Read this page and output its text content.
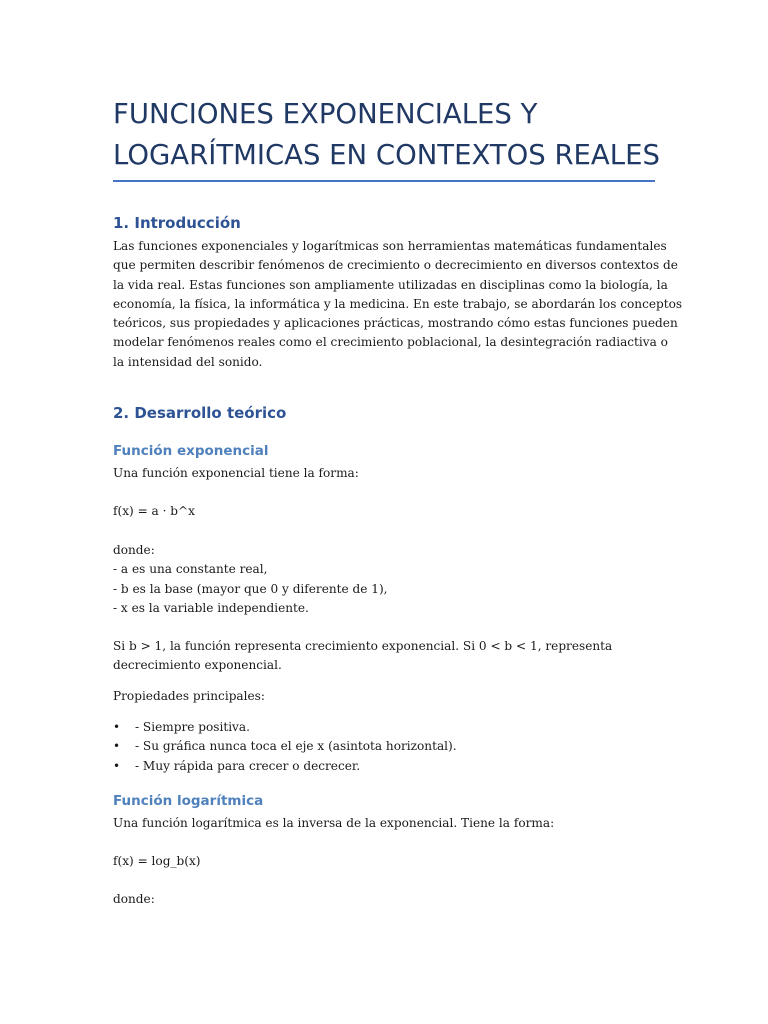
FUNCIONES EXPONENCIALES Y
LOGARÍTMICAS EN CONTEXTOS REALES
1. Introducción
Las funciones exponenciales y logarítmicas son herramientas matemáticas fundamentales
que permiten describir fenómenos de crecimiento o decrecimiento en diversos contextos de
la vida real. Estas funciones son ampliamente utilizadas en disciplinas como la biología, la
economía, la física, la informática y la medicina. En este trabajo, se abordarán los conceptos
teóricos, sus propiedades y aplicaciones prácticas, mostrando cómo estas funciones pueden
modelar fenómenos reales como el crecimiento poblacional, la desintegración radiactiva o
la intensidad del sonido.
2. Desarrollo teórico
Función exponencial

Una función exponencial tiene la forma:

f(x) = a · b^x

donde:
- a es una constante real,
- b es la base (mayor que 0 y diferente de 1),
- x es la variable independiente.
Si b > 1, la función representa crecimiento exponencial. Si 0 < b < 1, representa
decrecimiento exponencial.

Propiedades principales:

• - Siempre positiva.
• - Su gráfica nunca toca el eje x (asintota horizontal).
• - Muy rápida para crecer o decrecer.
Función logarítmica

Una función logarítmica es la inversa de la exponencial. Tiene la forma:

f(x) = log_b(x)

donde:
